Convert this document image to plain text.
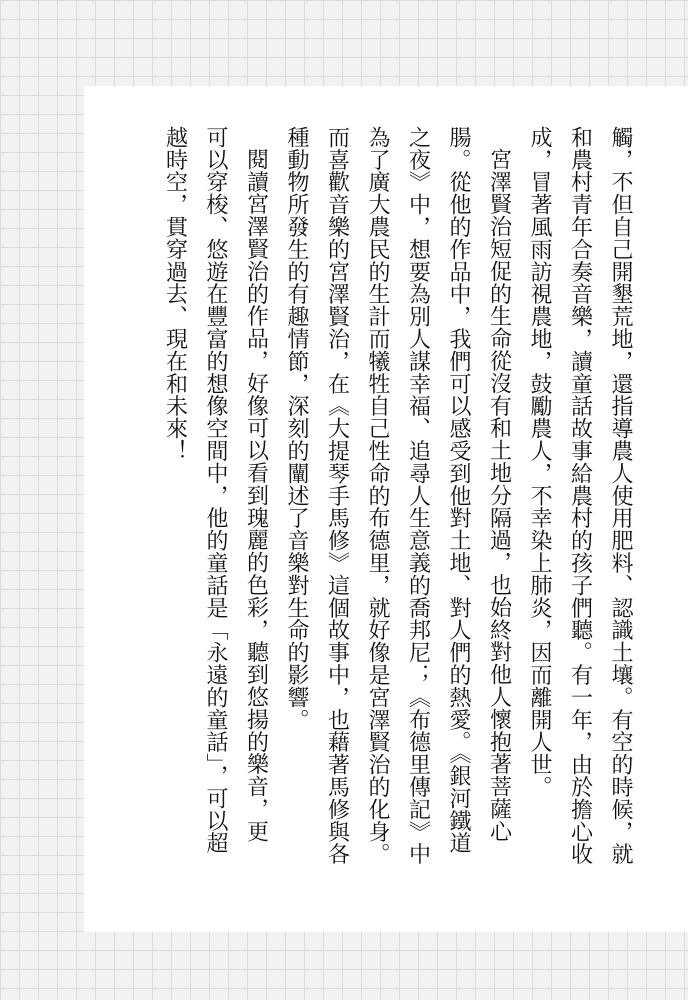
觸，不但自己開墾荒地，還指導農人使用肥料、認識土壤。有空的時候，就
和農村青年合奏音樂，讀童話故事給農村的孩子們聽。有一年，由於擔心收
成，冒著風雨訪視農地，鼓勵農人，不幸染上肺炎，因而離開人世。
宮澤賢治短促的生命從沒有和土地分隔過，也始終對他人懷抱著菩薩心
腸。從他的作品中，我們可以感受到他對土地、對人們的熱愛。《銀河鐵道
之夜》中，想要為別人謀幸福、追尋人生意義的喬邦尼；《布德里傳記》中
為了廣大農民的生計而犧牲自己性命的布德里，就好像是宮澤賢治的化身。
而喜歡音樂的宮澤賢治，在《大提琴手馬修》這個故事中，也藉著馬修與各
種動物所發生的有趣情節，深刻的闡述了音樂對生命的影響。
閱讀宮澤賢治的作品，好像可以看到瑰麗的色彩，聽到悠揚的樂音，更
可以穿梭、悠遊在豐富的想像空間中，他的童話是「永遠的童話」，可以超
越時空，貫穿過去、現在和未來！
